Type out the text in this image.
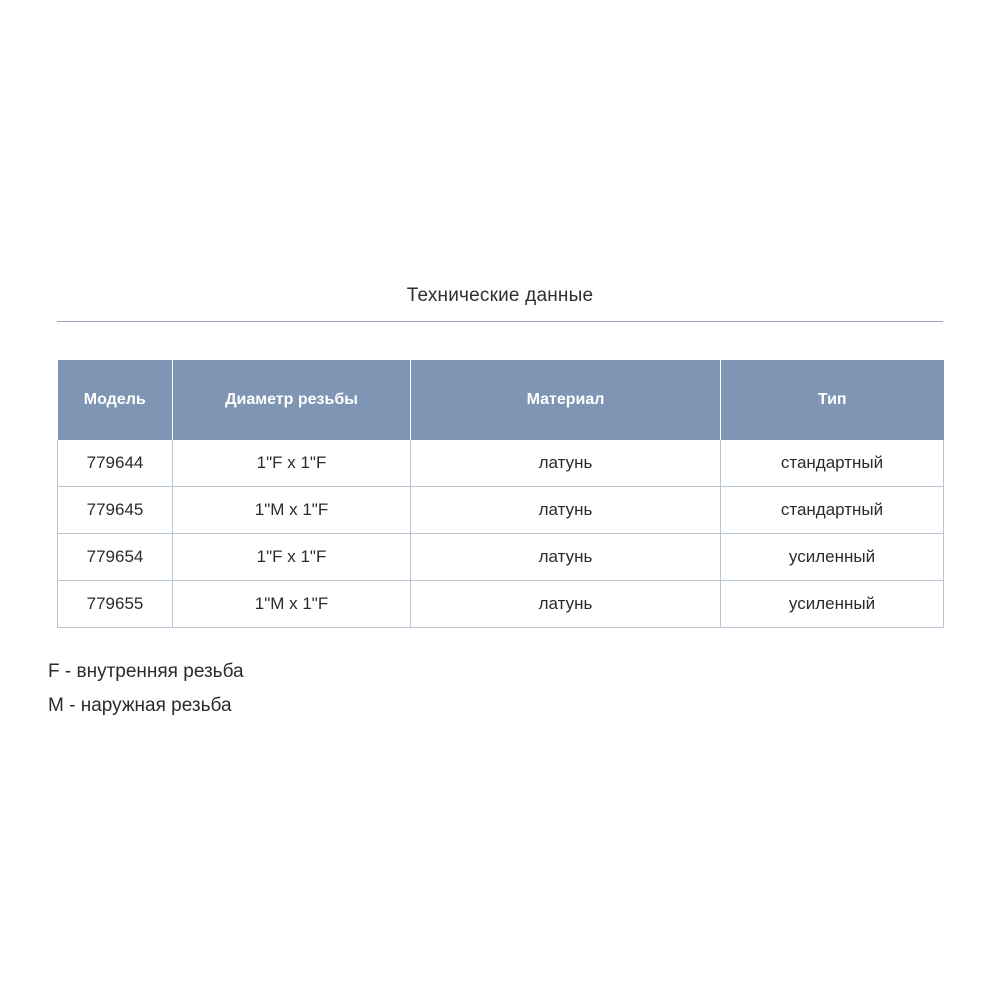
Технические данные
Модель	Диаметр резьбы	Материал	Тип
779644	1"F x 1"F	латунь	стандартный
779645	1"M x 1"F	латунь	стандартный
779654	1"F x 1"F	латунь	усиленный
779655	1"M x 1"F	латунь	усиленный
F - внутренняя резьба
M - наружная резьба
